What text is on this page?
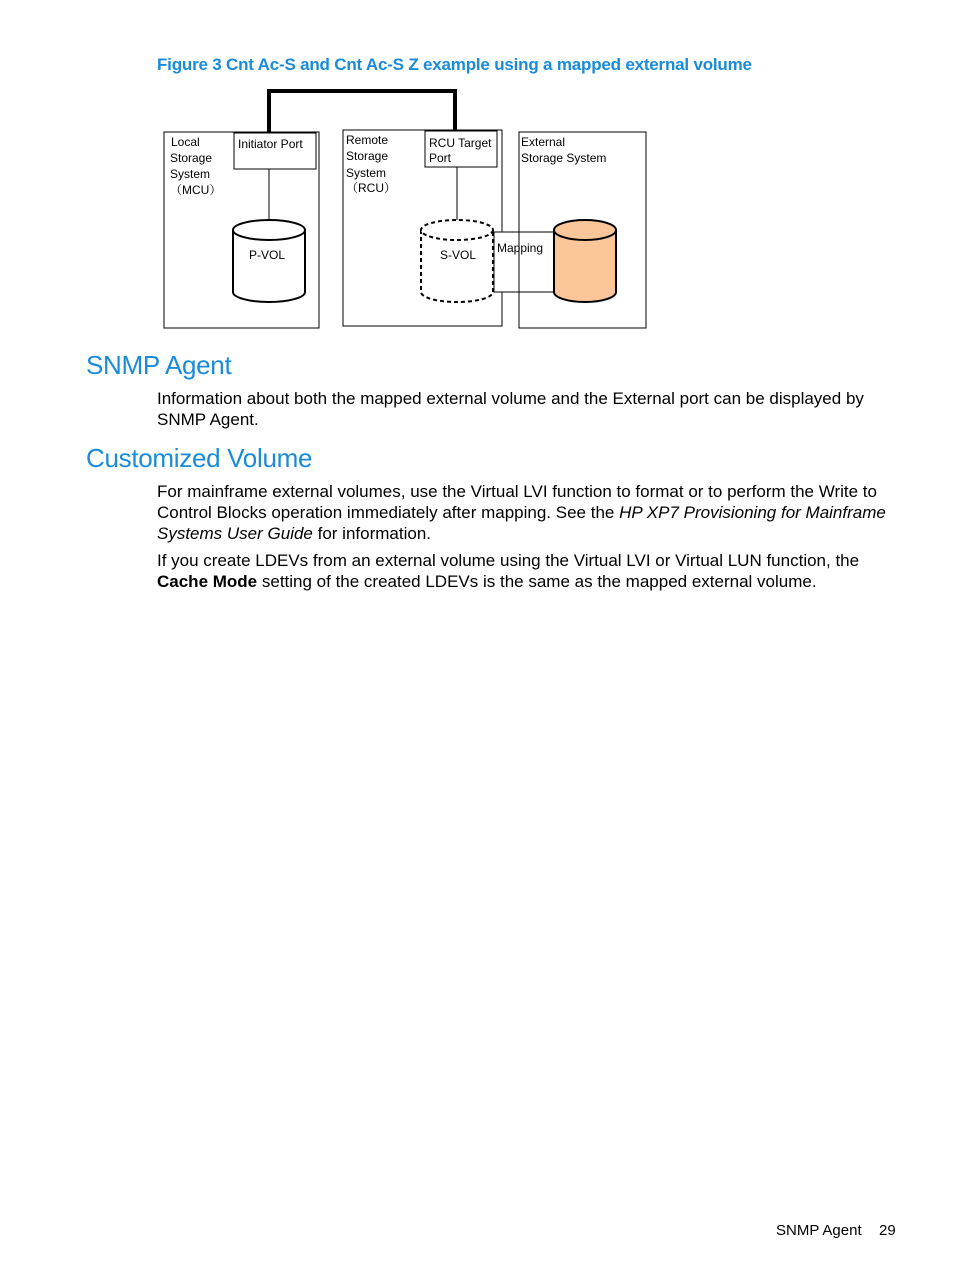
Figure 3 Cnt Ac-S and Cnt Ac-S Z example using a mapped external volume
Local
Storage
System
（MCU）
Initiator Port
P-VOL
Remote
Storage
System
（RCU）
RCU Target
Port
Mapping
S-VOL
External
Storage System
SNMP Agent

Information about both the mapped external volume and the External port can be displayed by SNMP Agent.

Customized Volume

For mainframe external volumes, use the Virtual LVI function to format or to perform the Write to Control Blocks operation immediately after mapping. See the HP XP7 Provisioning for Mainframe Systems User Guide for information.

If you create LDEVs from an external volume using the Virtual LVI or Virtual LUN function, the Cache Mode setting of the created LDEVs is the same as the mapped external volume.

SNMP Agent 29
